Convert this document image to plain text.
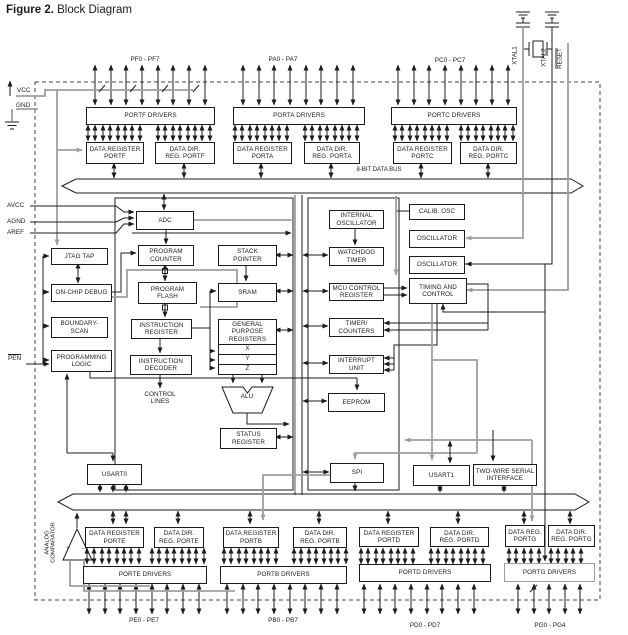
Figure 2. Block Diagram
PF0 - PF7	PA0 - PA7	PC0 - PC7
PORTF DRIVERS	PORTA DRIVERS	PORTC DRIVERS
DATA REGISTER
PORTF
DATA DIR.
REG. PORTF
DATA REGISTER
PORTA
DATA DIR.
REG. PORTA
DATA REGISTER
PORTC
DATA DIR.
REG. PORTC
8-BIT DATA BUS
VCC
GND
AVCC
AGND
AREF
$\overline{PEN}$
XTAL1	XTAL2	RESET
ADC
JTAG TAP
ON-CHIP DEBUG
BOUNDARY-
SCAN
PROGRAMMING
LOGIC
PROGRAM
COUNTER
PROGRAM
FLASH
INSTRUCTION
REGISTER
INSTRUCTION
DECODER
CONTROL
LINES
STACK
POINTER
SRAM
GENERAL
PURPOSE
REGISTERS
X
Y
Z
ALU
STATUS
REGISTER
INTERNAL
OSCILLATOR
WATCHDOG
TIMER
MCU CONTROL
REGISTER
TIMER/
COUNTERS
INTERRUPT
UNIT
EEPROM
SPI
CALIB. OSC
OSCILLATOR
OSCILLATOR
TIMING AND
CONTROL
USART0	USART1
TWO-WIRE SERIAL
INTERFACE
ANALOG
COMPARATOR	+	-
DATA REGISTER
PORTE
DATA DIR.
REG. PORTE
DATA REGISTER
PORTB
DATA DIR.
REG. PORTB
DATA REGISTER
PORTD
DATA DIR.
REG. PORTD
DATA REG.
PORTG
DATA DIR.
REG. PORTG
PORTE DRIVERS	PORTB DRIVERS	PORTD DRIVERS	PORTG DRIVERS
PE0 - PE7	PB0 - PB7
PD0 - PD7	PG0 - PG4
